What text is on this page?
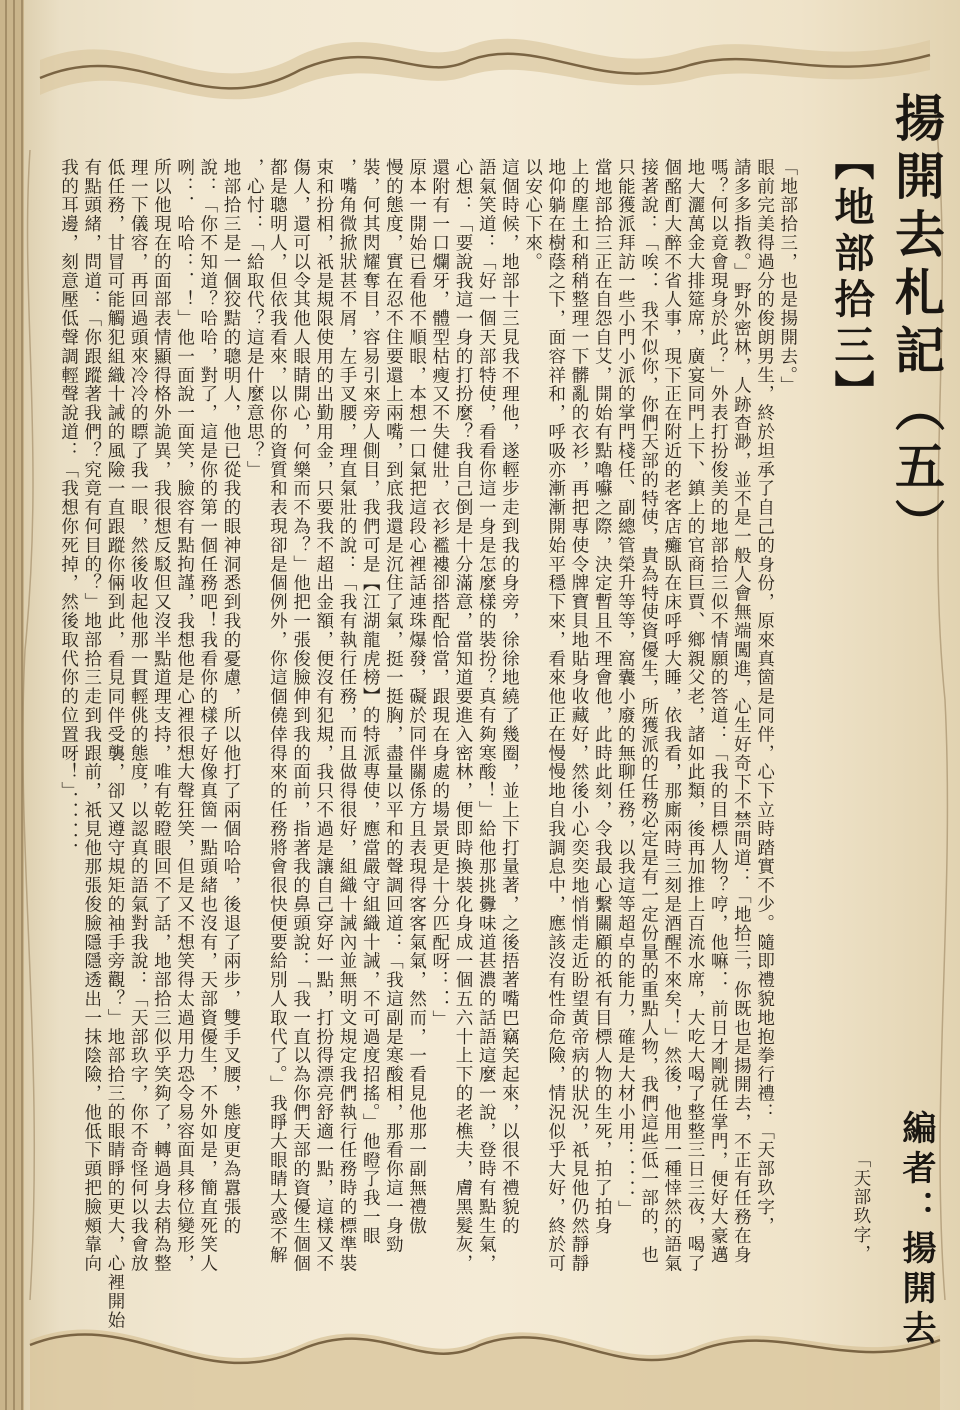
揚開去札記（五）
【地部拾三】
編者：揚開去
「天部玖字，
「地部拾三，也是揚開去。」
眼前完美得過分的俊朗男生，終於坦承了自己的身份，原來真箇是同伴，心下立時踏實不少。隨即禮貌地抱拳行禮：「天部玖字，
請多多指教。」野外密林，人跡杳渺，並不是一般人會無端闖進，心生好奇下不禁問道：「地拾三，你既也是揚開去，不正有任務在身
嗎？何以竟會現身於此？」外表打扮俊美的地部拾三似不情願的答道：「我的目標人物？哼，他嘛．．前日才剛就任掌門，便好大豪邁
地大灑萬金大排筵席，廣宴同門上下、鎮上的官商巨賈、鄉親父老，諸如此類，後再加推上百流水席，大吃大喝了整整三日三夜，喝了
個酩酊大醉不省人事，現下正在附近的老客店癱臥在床呼呼大睡，依我看，那廝兩時三刻是酒醒不來矣！」然後，他用一種悻然的語氣
接著說：「唉．．我不似你，你們天部的特使，貴為特使資優生，所獲派的任務必定是有一定份量的重點人物，我們這些低一部的，也
只能獲派拜訪一些小門小派的掌門棧任、副總管榮升等等，窩囊小廢的無聊任務，以我這等超卓的能力，確是大材小用：．．．．」
當地部拾三正在自怨自艾，開始有點嚕囌之際，決定暫且不理會他，此時此刻，令我最心繫關顧的祇有目標人物的生死，拍了拍身
上的塵土和稍稍整理一下髒亂的衣衫，再把專使令牌寶貝地貼身收藏好，然後小心奕奕地悄悄走近盼望黃帝病的狀況，祇見他仍然靜靜
地仰躺在樹蔭之下，面容祥和，呼吸亦漸漸開始平穩下來，看來他正在慢慢地自我調息中，應該沒有性命危險，情況似乎大好，終於可
以安心下來。
這個時候，地部十三見我不理他，遂輕步走到我的身旁，徐徐地繞了幾圈，並上下打量著，之後捂著嘴巴竊笑起來，以很不禮貌的
語氣笑道：「好一個天部特使，看看你這一身是怎麼樣的裝扮？真有夠寒酸！」給他那挑釁味道甚濃的話語這麼一說，登時有點生氣，
心想：「要說我這一身的打扮麼？我自己倒是十分滿意，當知道要進入密林，便即時換裝化身成一個五六十上下的老樵夫，膚黑髮灰，
還附有一口爛牙，體型枯瘦又不失健壯，衣衫襤褸卻搭配恰當，跟現在身處的場景更是十分匹配呀：．．」
原本一開始已看他不順眼，本想一口氣把這段心裡話連珠爆發，礙於同伴關係方且表現得客客氣氣，然而，一看見他那一副無禮傲
慢的態度，實在忍不住要還上兩嘴，到底我還是沉住了氣，挺一挺胸，盡量以平和的聲調回道：「我這副是寒酸相，那看你這一身勁
裝，何其閃耀奪目，容易引來旁人側目，我們可是【江湖龍虎榜】的特派專使，應當嚴守組織十誡，不可過度招搖。」他瞪了我一眼
，嘴角微掀狀甚不屑，左手叉腰，理直氣壯的說：「我有執行任務，而且做得很好，組織十誡內並無明文規定我們執行任務時的標準裝
束和扮相，祇是規限使用的出勤用金，只要我不超出金額，便沒有犯規，我只不過是讓自己穿好一點，打扮得漂亮舒適一點，這樣又不
傷人，還可以令其他人眼睛開心，何樂而不為？」他把一張俊臉伸到我的面前，指著我的鼻頭說：「我一直以為你們天部的資優生個個
都是聰明人，但依我看來，以你的資質和表現卻是個例外，你這個僥倖得來的任務將會很快便要給別人取代了。」我睜大眼睛大惑不解
，心忖：「給取代？這是什麼意思？」
地部拾三是一個狡黠的聰明人，他已從我的眼神洞悉到我的憂慮，所以他打了兩個哈哈，後退了兩步，雙手叉腰，態度更為囂張的
說：「你不知道？哈哈，對了，這是你的第一個任務吧！我看你的樣子好像真箇一點頭緒也沒有，天部資優生，不外如是，簡直死笑人
咧：．哈哈：．！」他一面說一面笑，臉容有點拘謹，我想他是心裡很想大聲狂笑，但是又不想笑得太過用力恐令易容面具移位變形，
所以他現在的面部表情顯得格外詭異，我很想反駁但又沒半點道理支持，唯有乾瞪眼回不了話，地部拾三似乎笑夠了，轉過身去稍為整
理一下儀容，再回過頭來冷冷的瞟了我一眼，然後收起他那一貫輕佻的態度，以認真的語氣對我說：「天部玖字，你不奇怪何以我會放
低任務，甘冒可能觸犯組織十誡的風險一直跟蹤你倆到此，看見同伴受襲，卻又遵守規矩的袖手旁觀？」地部拾三的眼睛睜的更大，心裡開始
有點頭緒，問道：「你跟蹤著我們？究竟有何目的？」地部拾三走到我跟前，祇見他那張俊臉隱隱透出一抹陰險，他低下頭把臉頰靠向
我的耳邊，刻意壓低聲調輕聲說道：「我想你死掉，然後取代你的位置呀！」．．．．．．
